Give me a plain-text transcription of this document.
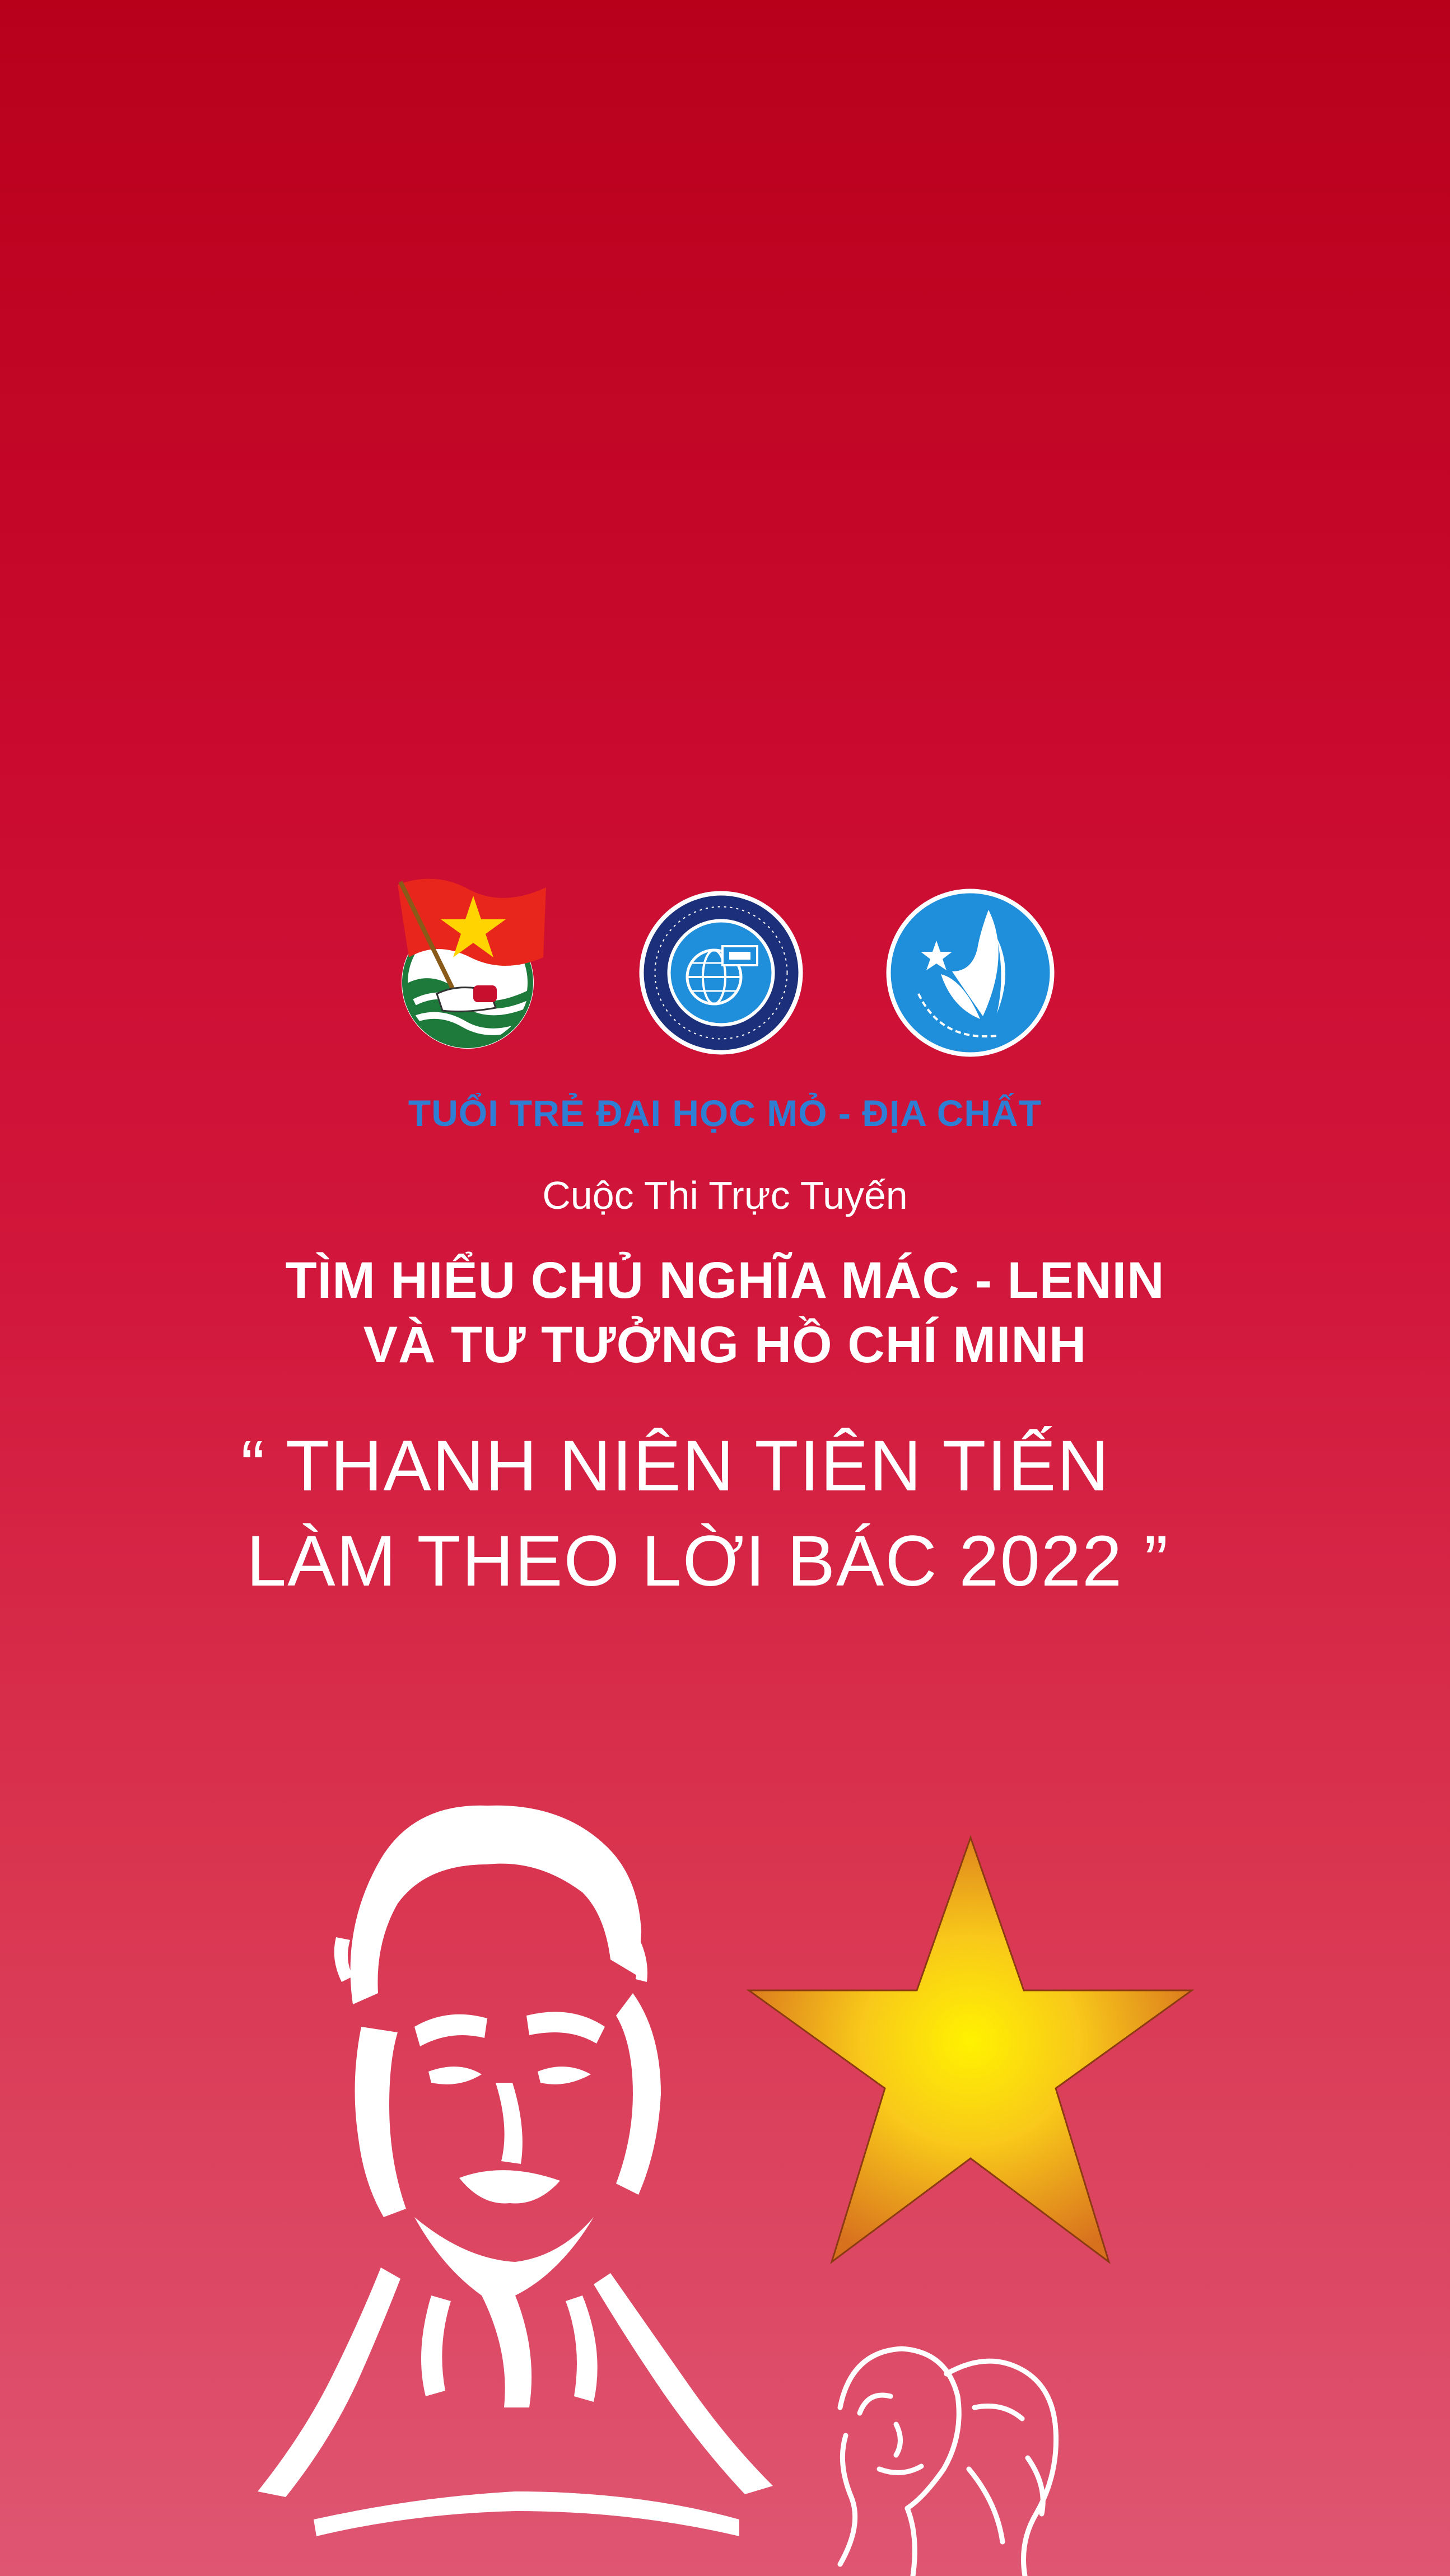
TUỔI TRẺ ĐẠI HỌC MỎ - ĐỊA CHẤT

Cuộc Thi Trực Tuyến

TÌM HIỂU CHỦ NGHĨA MÁC - LENIN

VÀ TƯ TƯỞNG HỒ CHÍ MINH

“ THANH NIÊN TIÊN TIẾN

LÀM THEO LỜI BÁC 2022 ”
